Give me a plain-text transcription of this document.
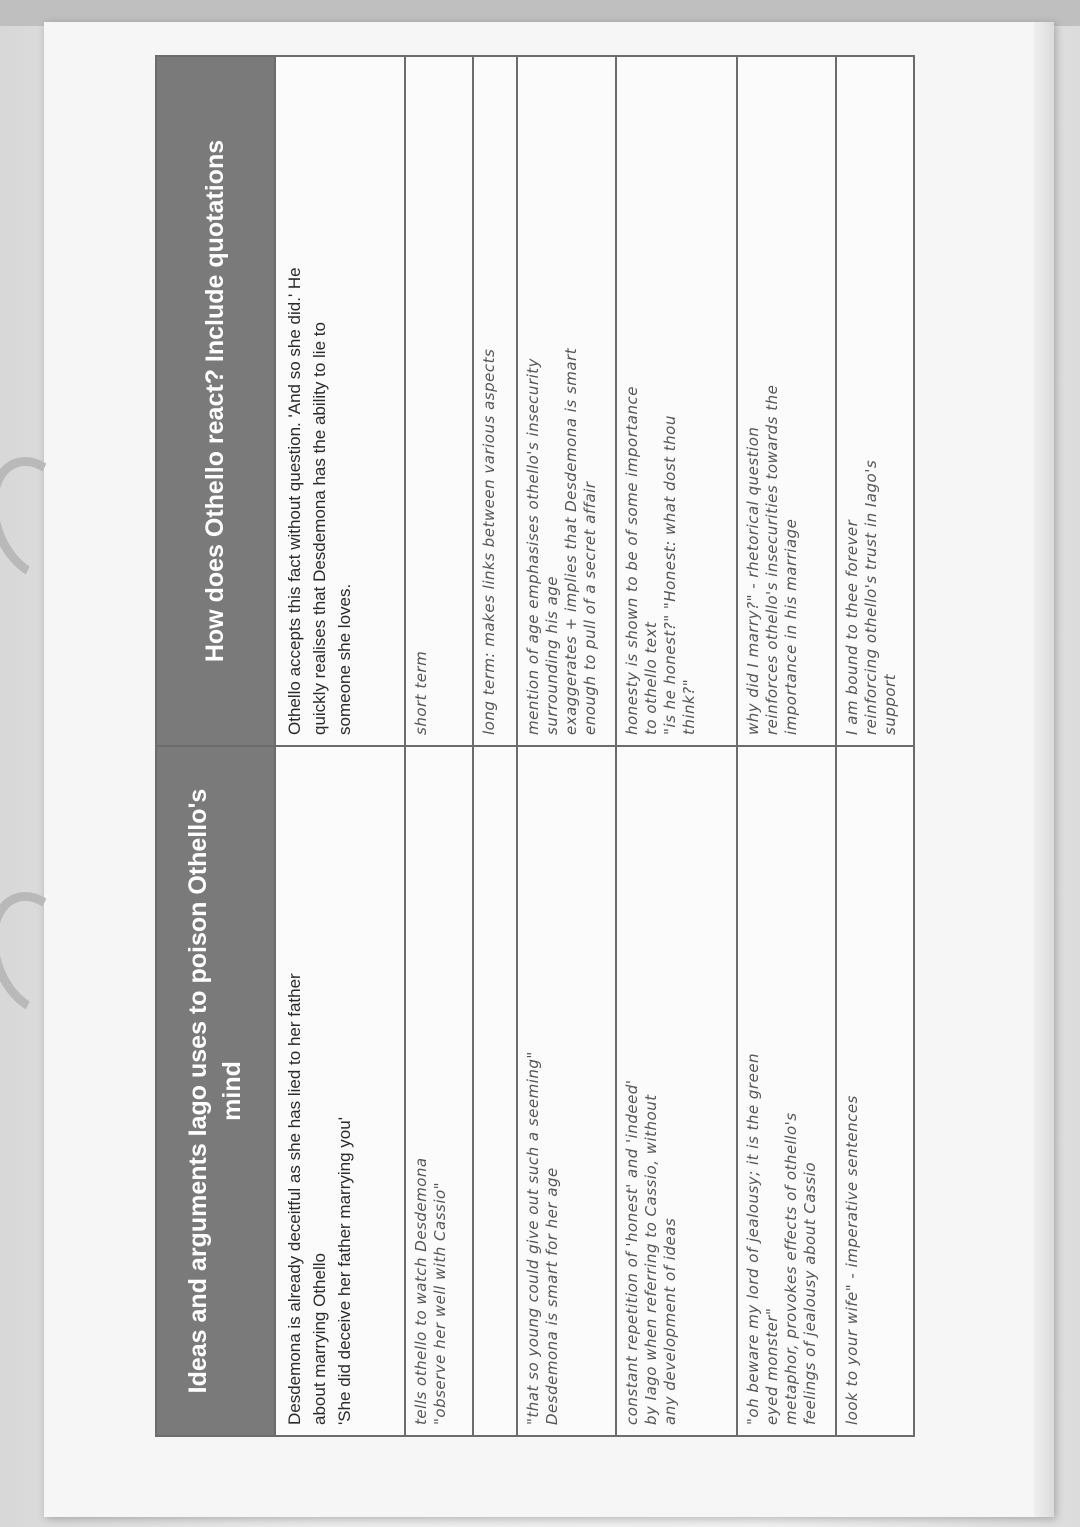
Ideas and arguments Iago uses to poison Othello's mind	How does Othello react? Include quotations

Desdemona is already deceitful as she has lied to her father about marrying Othello 'She did deceive her father marrying you'	Othello accepts this fact without question. 'And so she did.' He quickly realises that Desdemona has the ability to lie to someone she loves.

tells othello to watch Desdemona "observe her well with Cassio"	short term

	long term: makes links between various aspects

"that so young could give out such a seeming" Desdemona is smart for her age	mention of age emphasises othello's insecurity surrounding his age exaggerates + implies that Desdemona is smart enough to pull of a secret affair

constant repetition of 'honest' and 'indeed' by Iago when referring to Cassio, without any development of ideas	honesty is shown to be of some importance to othello text "is he honest?" "Honest: what dost thou think?"

"oh beware my lord of jealousy; it is the green eyed monster" metaphor, provokes effects of othello's feelings of jealousy about Cassio	why did I marry?" - rhetorical question reinforces othello's insecurities towards the importance in his marriage

look to your wife" - imperative sentences	I am bound to thee forever reinforcing othello's trust in Iago's support
